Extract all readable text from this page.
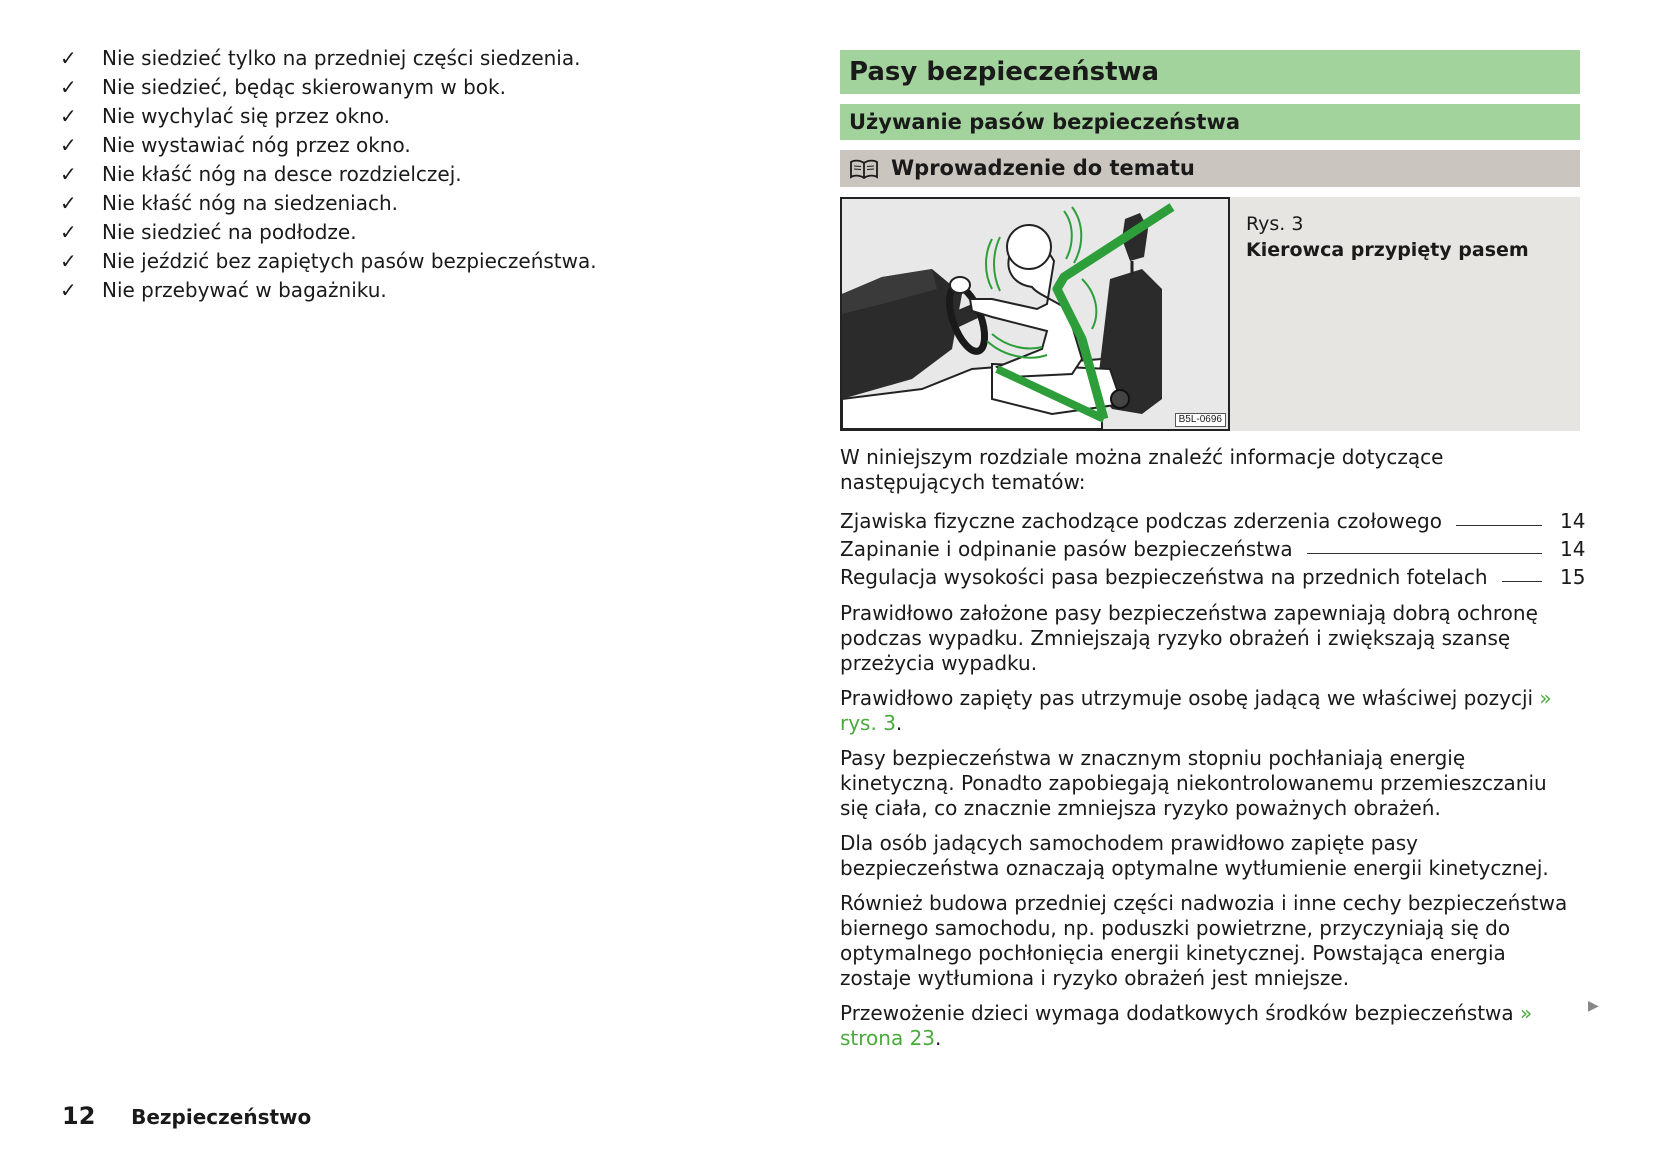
✓ Nie siedzieć tylko na przedniej części siedzenia.
✓ Nie siedzieć, będąc skierowanym w bok.
✓ Nie wychylać się przez okno.
✓ Nie wystawiać nóg przez okno.
✓ Nie kłaść nóg na desce rozdzielczej.
✓ Nie kłaść nóg na siedzeniach.
✓ Nie siedzieć na podłodze.
✓ Nie jeździć bez zapiętych pasów bezpieczeństwa.
✓ Nie przebywać w bagażniku.
Pasy bezpieczeństwa
Używanie pasów bezpieczeństwa
Wprowadzenie do tematu
B5L-0696
Rys. 3
Kierowca przypięty pasem

W niniejszym rozdziale można znaleźć informacje dotyczące następujących tematów:

Zjawiska fizyczne zachodzące podczas zderzenia czołowego	14
Zapinanie i odpinanie pasów bezpieczeństwa	14
Regulacja wysokości pasa bezpieczeństwa na przednich fotelach	15

Prawidłowo założone pasy bezpieczeństwa zapewniają dobrą ochronę podczas wypadku. Zmniejszają ryzyko obrażeń i zwiększają szansę przeżycia wypadku.

Prawidłowo zapięty pas utrzymuje osobę jadącą we właściwej pozycji » rys. 3.

Pasy bezpieczeństwa w znacznym stopniu pochłaniają energię kinetyczną. Ponadto zapobiegają niekontrolowanemu przemieszczaniu się ciała, co znacznie zmniejsza ryzyko poważnych obrażeń.

Dla osób jadących samochodem prawidłowo zapięte pasy bezpieczeństwa oznaczają optymalne wytłumienie energii kinetycznej.

Również budowa przedniej części nadwozia i inne cechy bezpieczeństwa biernego samochodu, np. poduszki powietrzne, przyczyniają się do optymalnego pochłonięcia energii kinetycznej. Powstająca energia zostaje wytłumiona i ryzyko obrażeń jest mniejsze.

Przewożenie dzieci wymaga dodatkowych środków bezpieczeństwa » strona 23.

▶
12 Bezpieczeństwo
